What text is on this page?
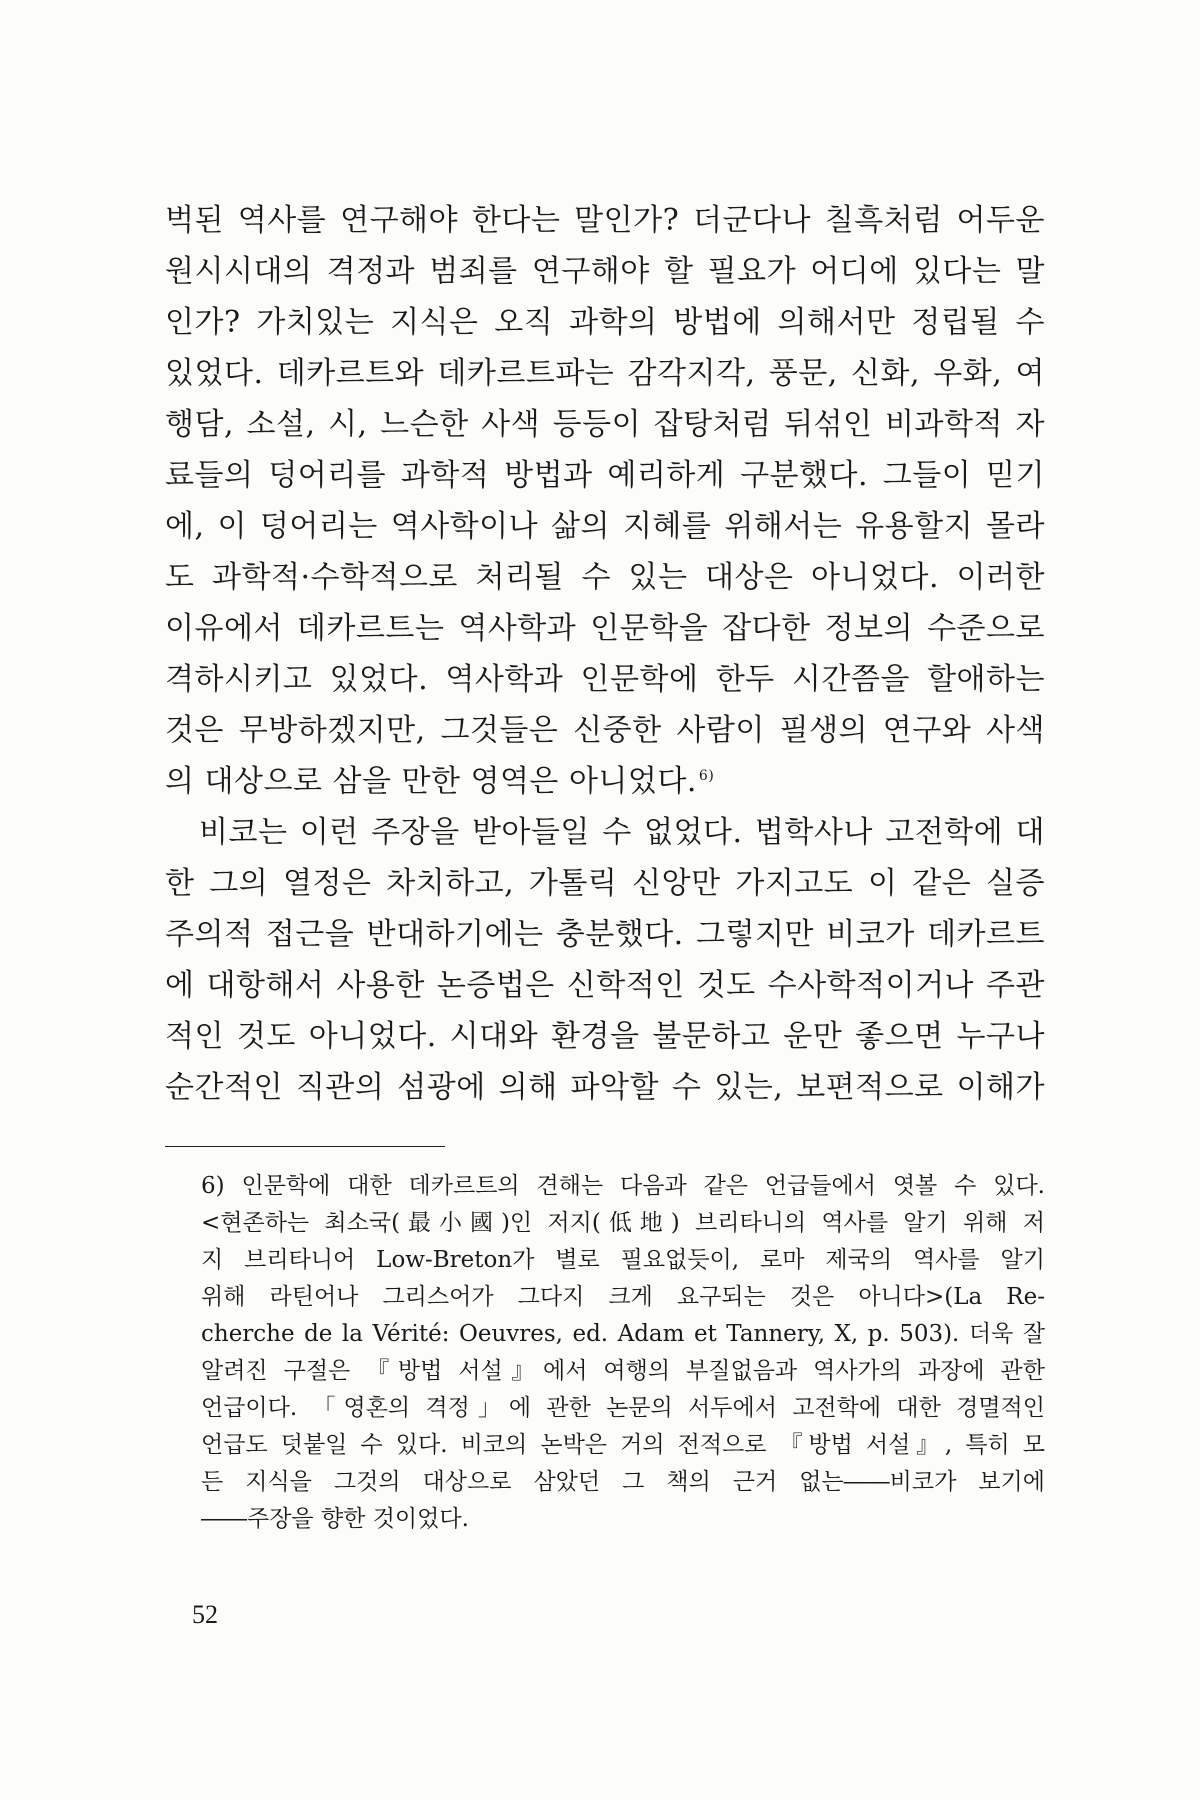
벅된 역사를 연구해야 한다는 말인가? 더군다나 칠흑처럼 어두운
원시시대의 격정과 범죄를 연구해야 할 필요가 어디에 있다는 말
인가? 가치있는 지식은 오직 과학의 방법에 의해서만 정립될 수
있었다. 데카르트와 데카르트파는 감각지각, 풍문, 신화, 우화, 여
행담, 소설, 시, 느슨한 사색 등등이 잡탕처럼 뒤섞인 비과학적 자
료들의 덩어리를 과학적 방법과 예리하게 구분했다. 그들이 믿기
에, 이 덩어리는 역사학이나 삶의 지혜를 위해서는 유용할지 몰라
도 과학적·수학적으로 처리될 수 있는 대상은 아니었다. 이러한
이유에서 데카르트는 역사학과 인문학을 잡다한 정보의 수준으로
격하시키고 있었다. 역사학과 인문학에 한두 시간쯤을 할애하는
것은 무방하겠지만, 그것들은 신중한 사람이 필생의 연구와 사색
의 대상으로 삼을 만한 영역은 아니었다. $^{6)}$
비코는 이런 주장을 받아들일 수 없었다. 법학사나 고전학에 대
한 그의 열정은 차치하고, 가톨릭 신앙만 가지고도 이 같은 실증
주의적 접근을 반대하기에는 충분했다. 그렇지만 비코가 데카르트
에 대항해서 사용한 논증법은 신학적인 것도 수사학적이거나 주관
적인 것도 아니었다. 시대와 환경을 불문하고 운만 좋으면 누구나
순간적인 직관의 섬광에 의해 파악할 수 있는, 보편적으로 이해가
6) 인문학에 대한 데카르트의 견해는 다음과 같은 언급들에서 엿볼 수 있다.
<현존하는 최소국(最小國)인 저지(低地) 브리타니의 역사를 알기 위해 저
지 브리타니어 Low-Breton가 별로 필요없듯이, 로마 제국의 역사를 알기
위해 라틴어나 그리스어가 그다지 크게 요구되는 것은 아니다>(La Re-
cherche de la Vérité: Oeuvres, ed. Adam et Tannery, X, p. 503). 더욱 잘
알려진 구절은 『방법 서설』에서 여행의 부질없음과 역사가의 과장에 관한
언급이다. 「영혼의 격정」에 관한 논문의 서두에서 고전학에 대한 경멸적인
언급도 덧붙일 수 있다. 비코의 논박은 거의 전적으로 『방법 서설』, 특히 모
든 지식을 그것의 대상으로 삼았던 그 책의 근거 없는――비코가 보기에
――주장을 향한 것이었다.
52
